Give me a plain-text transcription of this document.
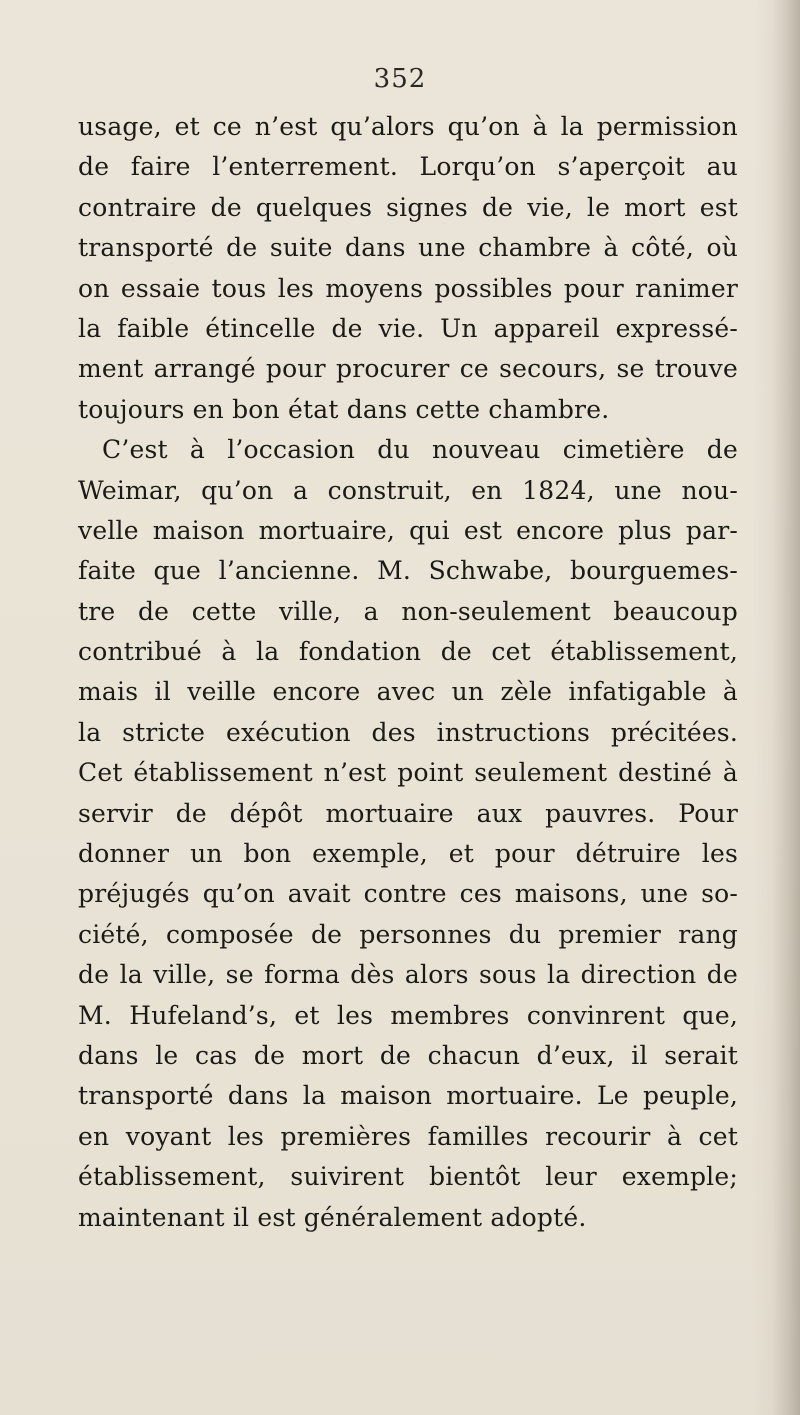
352
usage, et ce n’est qu’alors qu’on à la permission
de faire l’enterrement. Lorqu’on s’aperçoit au
contraire de quelques signes de vie, le mort est
transporté de suite dans une chambre à côté, où
on essaie tous les moyens possibles pour ranimer
la faible étincelle de vie. Un appareil expressé-
ment arrangé pour procurer ce secours, se trouve
toujours en bon état dans cette chambre.
C’est à l’occasion du nouveau cimetière de
Weimar, qu’on a construit, en 1824, une nou-
velle maison mortuaire, qui est encore plus par-
faite que l’ancienne. M. Schwabe, bourguemes-
tre de cette ville, a non-seulement beaucoup
contribué à la fondation de cet établissement,
mais il veille encore avec un zèle infatigable à
la stricte exécution des instructions précitées.
Cet établissement n’est point seulement destiné à
servir de dépôt mortuaire aux pauvres. Pour
donner un bon exemple, et pour détruire les
préjugés qu’on avait contre ces maisons, une so-
ciété, composée de personnes du premier rang
de la ville, se forma dès alors sous la direction de
M. Hufeland’s, et les membres convinrent que,
dans le cas de mort de chacun d’eux, il serait
transporté dans la maison mortuaire. Le peuple,
en voyant les premières familles recourir à cet
établissement, suivirent bientôt leur exemple;
maintenant il est généralement adopté.
